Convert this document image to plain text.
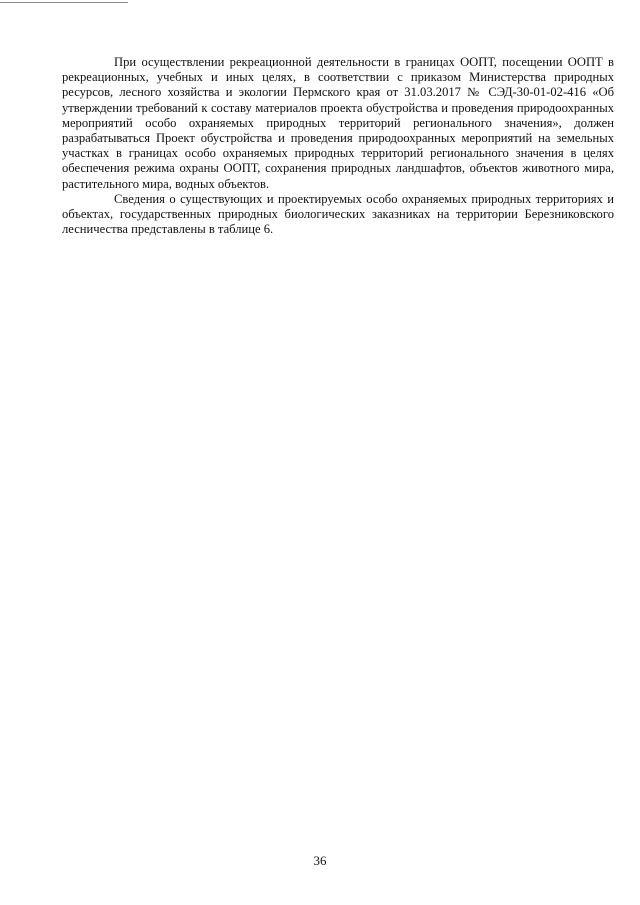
При осуществлении рекреационной деятельности в границах ООПТ, посещении ООПТ в рекреационных, учебных и иных целях, в соответствии с приказом Министерства природных ресурсов, лесного хозяйства и экологии Пермского края от 31.03.2017 № СЭД-30-01-02-416 «Об утверждении требований к составу материалов проекта обустройства и проведения природоохранных мероприятий особо охраняемых природных территорий регионального значения», должен разрабатываться Проект обустройства и проведения природоохранных мероприятий на земельных участках в границах особо охраняемых природных территорий регионального значения в целях обеспечения режима охраны ООПТ, сохранения природных ландшафтов, объектов животного мира, растительного мира, водных объектов.

Сведения о существующих и проектируемых особо охраняемых природных территориях и объектах, государственных природных биологических заказниках на территории Березниковского лесничества представлены в таблице 6.

36
